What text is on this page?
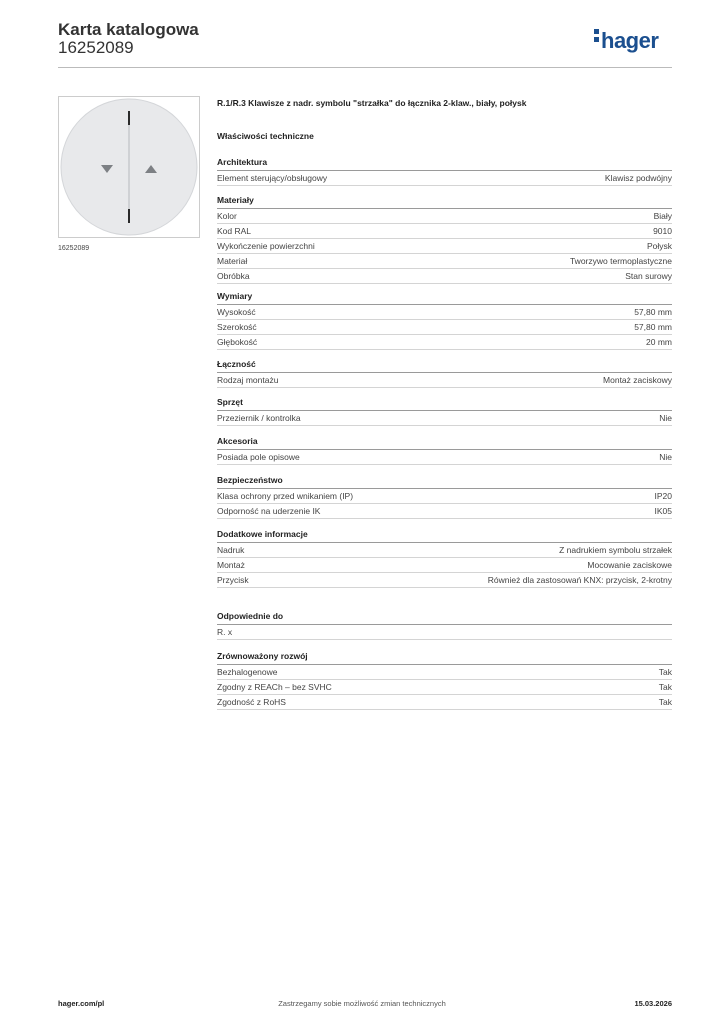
Karta katalogowa
16252089	hager
16252089
R.1/R.3 Klawisze z nadr. symbolu "strzałka" do łącznika 2-klaw., biały, połysk
Właściwości techniczne
Architektura
Element sterujący/obsługowy	Klawisz podwójny
Materiały
Kolor	Biały
Kod RAL	9010
Wykończenie powierzchni	Połysk
Materiał	Tworzywo termoplastyczne
Obróbka	Stan surowy
Wymiary
Wysokość	57,80 mm
Szerokość	57,80 mm
Głębokość	20 mm
Łączność
Rodzaj montażu	Montaż zaciskowy
Sprzęt
Przeziernik / kontrolka	Nie
Akcesoria
Posiada pole opisowe	Nie
Bezpieczeństwo
Klasa ochrony przed wnikaniem (IP)	IP20
Odporność na uderzenie IK	IK05
Dodatkowe informacje
Nadruk	Z nadrukiem symbolu strzałek
Montaż	Mocowanie zaciskowe
Przycisk	Również dla zastosowań KNX: przycisk, 2-krotny
Odpowiednie do
R. x
Zrównoważony rozwój
Bezhalogenowe	Tak
Zgodny z REACh – bez SVHC	Tak
Zgodność z RoHS	Tak
hager.com/pl	Zastrzegamy sobie możliwość zmian technicznych	15.03.2026
